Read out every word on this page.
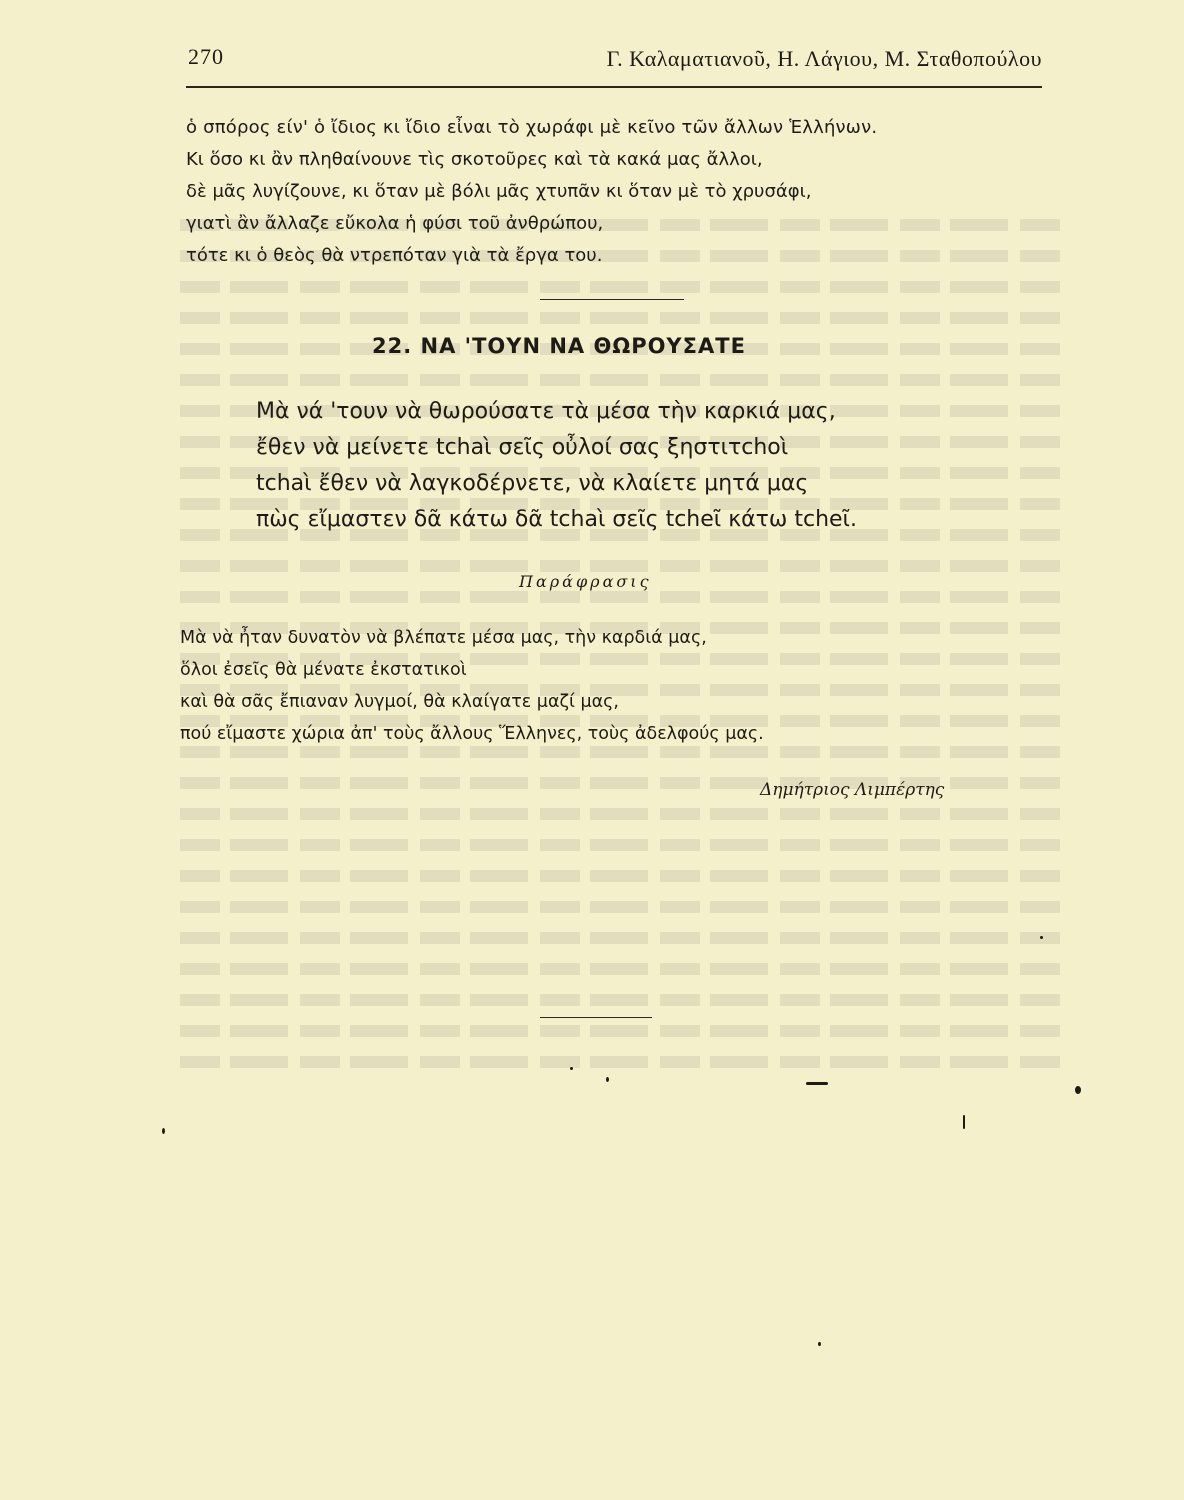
270	Γ. Καλαματιανοῦ, Η. Λάγιου, Μ. Σταθοπούλου
ὁ σπόρος είν' ὁ ἴδιος κι ἴδιο εἶναι τὸ χωράφι μὲ κεῖνο τῶν ἄλλων Ἑλλήνων.
Κι ὅσο κι ἂν πληθαίνουνε τὶς σκοτοῦρες καὶ τὰ κακά μας ἄλλοι,
δὲ μᾶς λυγίζουνε, κι ὅταν μὲ βόλι μᾶς χτυπᾶν κι ὅταν μὲ τὸ χρυσάφι,
γιατὶ ἂν ἄλλαζε εὔκολα ἡ φύσι τοῦ ἀνθρώπου,
τότε κι ὁ θεὸς θὰ ντρεπόταν γιὰ τὰ ἔργα του.
22. ΝΑ 'ΤΟΥΝ ΝΑ ΘΩΡΟΥΣΑΤΕ
Μὰ νά 'τουν νὰ θωρούσατε τὰ μέσα τὴν καρκιά μας,
ἔθεν νὰ μείνετε tchaὶ σεῖς οὖλοί σας ξηστιτchoὶ
tchaὶ ἔθεν νὰ λαγκοδέρνετε, νὰ κλαίετε μητά μας
πὼς εἴμαστεν δᾶ κάτω δᾶ tchaὶ σεῖς tcheῖ κάτω tcheῖ.
Παράφρασις
Μὰ νὰ ἦταν δυνατὸν νὰ βλέπατε μέσα μας, τὴν καρδιά μας,
ὅλοι ἐσεῖς θὰ μένατε ἐκστατικοὶ
καὶ θὰ σᾶς ἔπιαναν λυγμοί, θὰ κλαίγατε μαζί μας,
πού εἴμαστε χώρια ἀπ' τοὺς ἄλλους Ἕλληνες, τοὺς ἀδελφούς μας.
Δημήτριος Λιμπέρτης
